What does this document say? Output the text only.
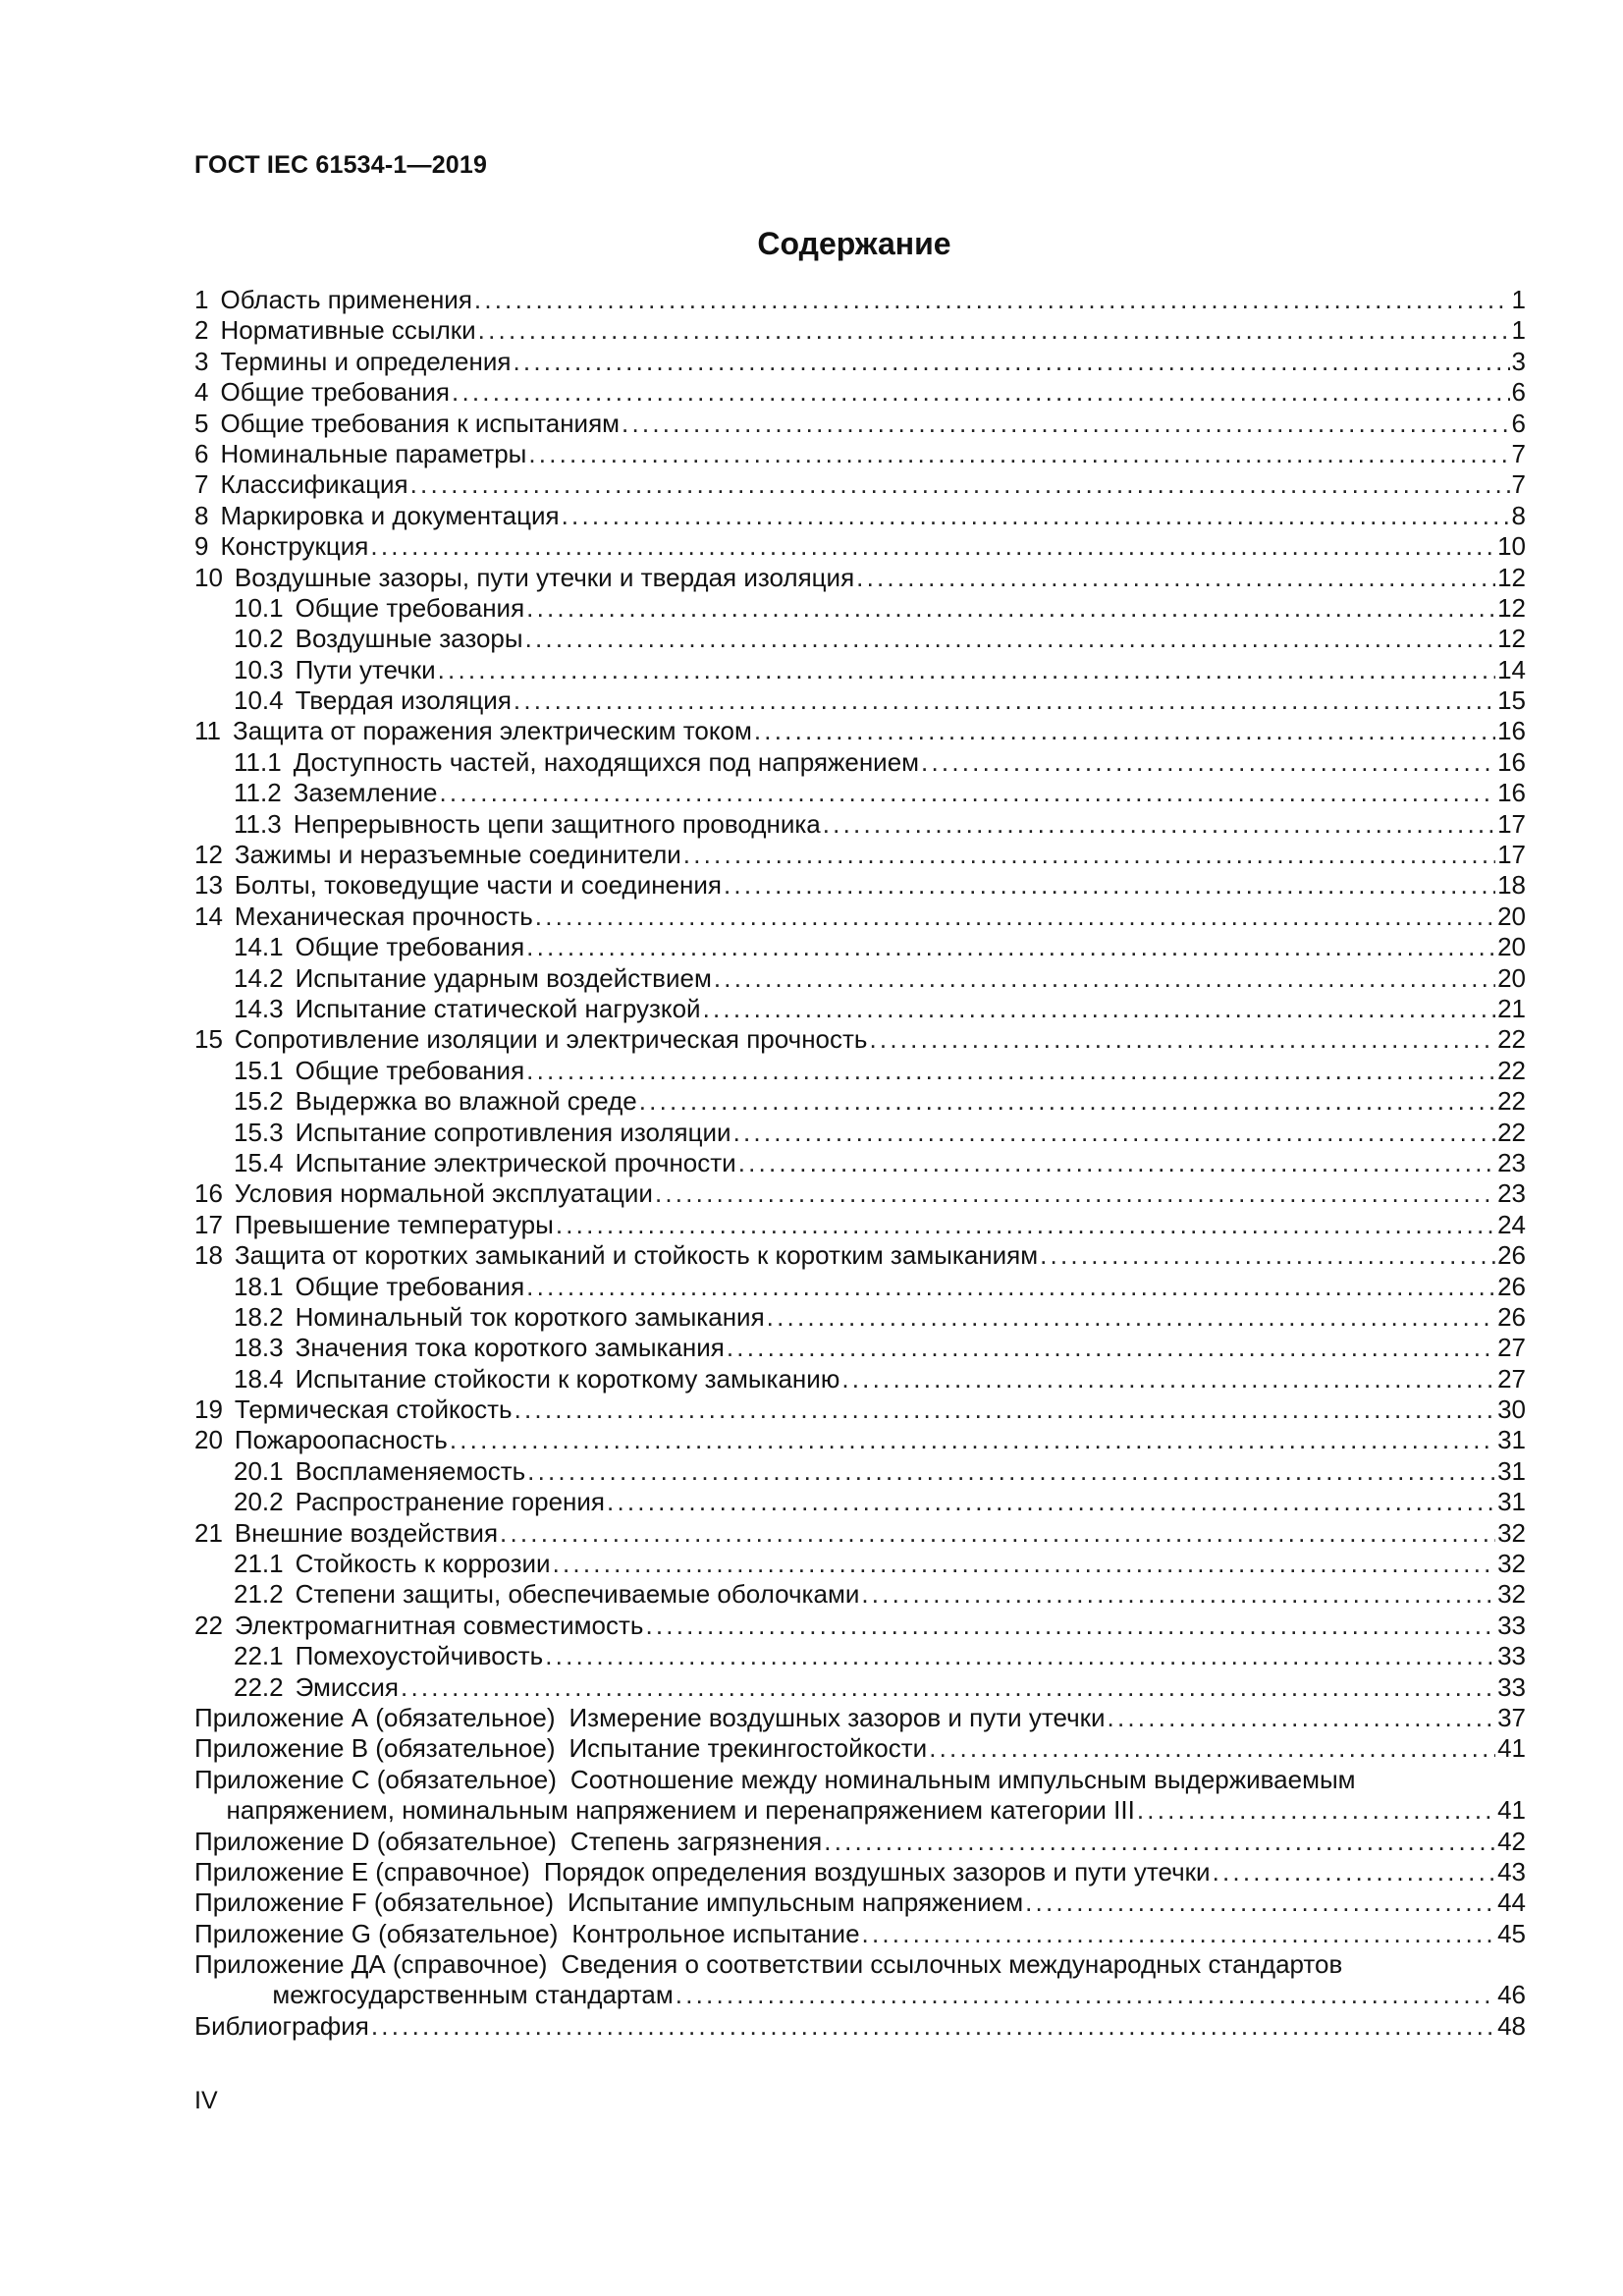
ГОСТ IEC 61534-1—2019
Содержание
1 Область применения .....	1
2 Нормативные ссылки .....	1
3 Термины и определения .....	3
4 Общие требования .....	6
5 Общие требования к испытаниям .....	6
6 Номинальные параметры .....	7
7 Классификация .....	7
8 Маркировка и документация .....	8
9 Конструкция .....	10
10 Воздушные зазоры, пути утечки и твердая изоляция .....	12
10.1 Общие требования .....	12
10.2 Воздушные зазоры .....	12
10.3 Пути утечки .....	14
10.4 Твердая изоляция .....	15
11 Защита от поражения электрическим током .....	16
11.1 Доступность частей, находящихся под напряжением .....	16
11.2 Заземление .....	16
11.3 Непрерывность цепи защитного проводника .....	17
12 Зажимы и неразъемные соединители .....	17
13 Болты, токоведущие части и соединения .....	18
14 Механическая прочность .....	20
14.1 Общие требования .....	20
14.2 Испытание ударным воздействием .....	20
14.3 Испытание статической нагрузкой .....	21
15 Сопротивление изоляции и электрическая прочность .....	22
15.1 Общие требования .....	22
15.2 Выдержка во влажной среде .....	22
15.3 Испытание сопротивления изоляции .....	22
15.4 Испытание электрической прочности .....	23
16 Условия нормальной эксплуатации .....	23
17 Превышение температуры .....	24
18 Защита от коротких замыканий и стойкость к коротким замыканиям .....	26
18.1 Общие требования .....	26
18.2 Номинальный ток короткого замыкания .....	26
18.3 Значения тока короткого замыкания .....	27
18.4 Испытание стойкости к короткому замыканию .....	27
19 Термическая стойкость .....	30
20 Пожароопасность .....	31
20.1 Воспламеняемость .....	31
20.2 Распространение горения .....	31
21 Внешние воздействия .....	32
21.1 Стойкость к коррозии .....	32
21.2 Степени защиты, обеспечиваемые оболочками .....	32
22 Электромагнитная совместимость .....	33
22.1 Помехоустойчивость .....	33
22.2 Эмиссия .....	33
Приложение А (обязательное) Измерение воздушных зазоров и пути утечки .....	37
Приложение В (обязательное) Испытание трекингостойкости .....	41
Приложение С (обязательное) Соотношение между номинальным импульсным выдерживаемым
напряжением, номинальным напряжением и перенапряжением категории III .....	41
Приложение D (обязательное) Степень загрязнения .....	42
Приложение Е (справочное) Порядок определения воздушных зазоров и пути утечки .....	43
Приложение F (обязательное) Испытание импульсным напряжением .....	44
Приложение G (обязательное) Контрольное испытание .....	45
Приложение ДА (справочное) Сведения о соответствии ссылочных международных стандартов
межгосударственным стандартам .....	46
Библиография .....	48
IV
